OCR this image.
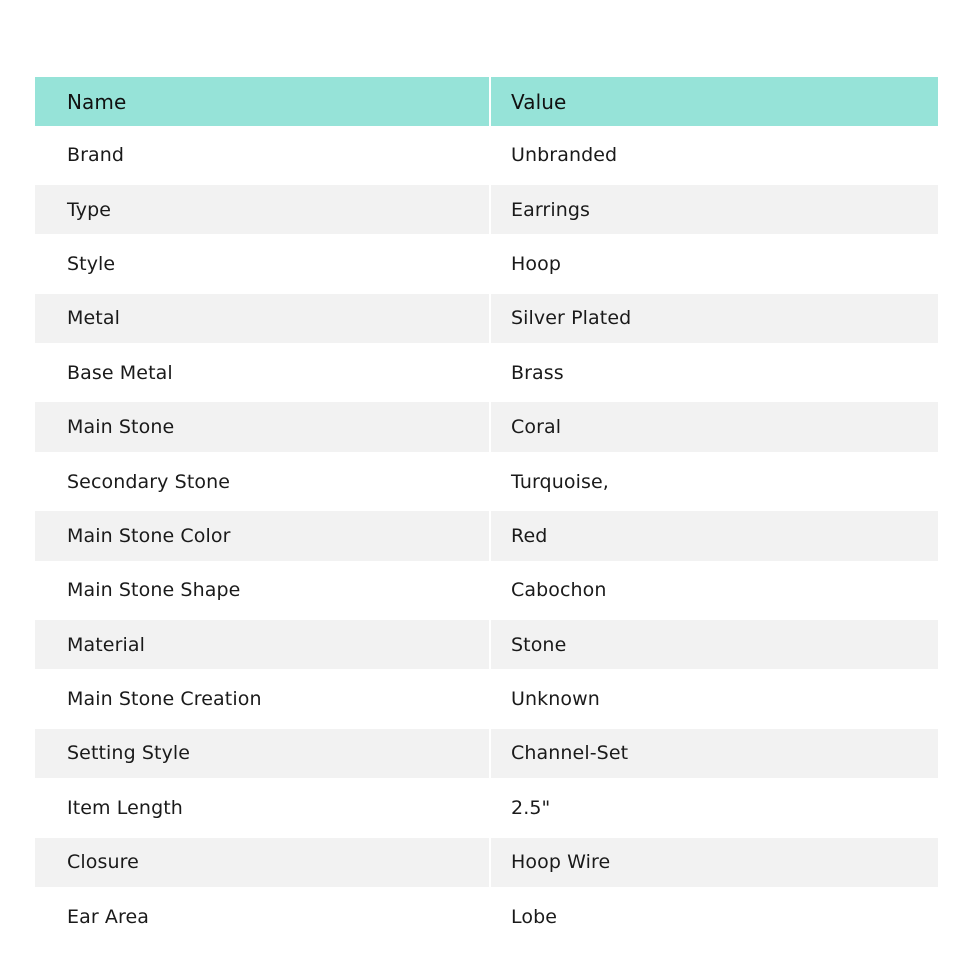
Name	Value
Brand	Unbranded
Type	Earrings
Style	Hoop
Metal	Silver Plated
Base Metal	Brass
Main Stone	Coral
Secondary Stone	Turquoise,
Main Stone Color	Red
Main Stone Shape	Cabochon
Material	Stone
Main Stone Creation	Unknown
Setting Style	Channel-Set
Item Length	2.5"
Closure	Hoop Wire
Ear Area	Lobe
